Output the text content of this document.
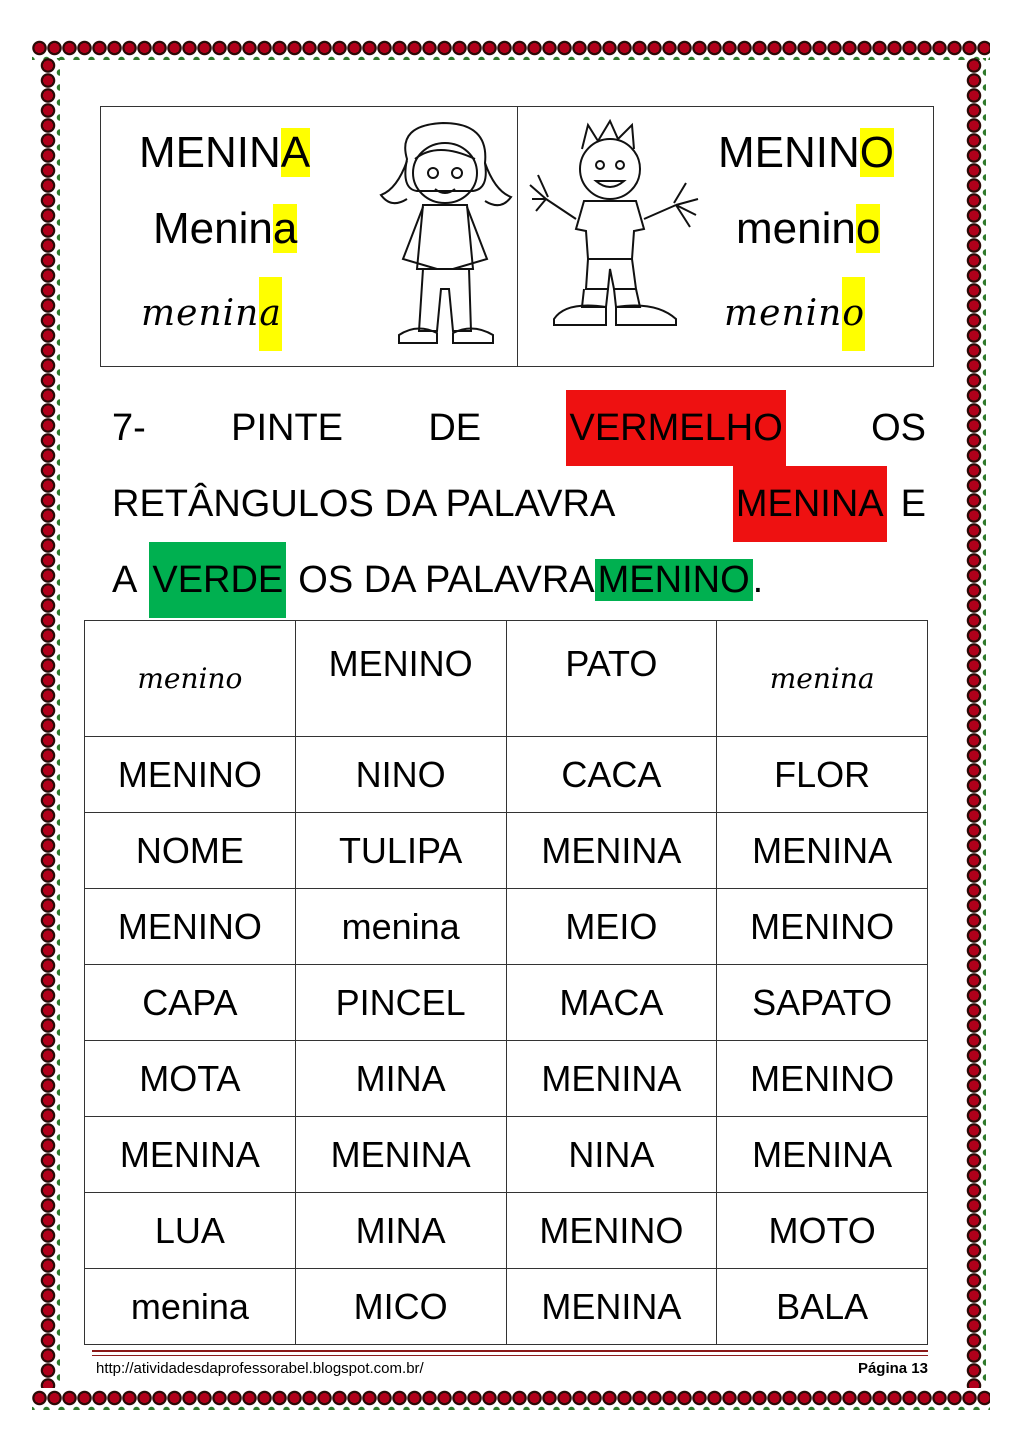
MENINA
Menina
menina
MENINO
menino
menino
7- PINTE DE VERMELHO OS
RETÂNGULOS DA PALAVRA	MENINA E
A VERDE OS DA PALAVRA MENINO.
menino	MENINO	PATO	menina
MENINO	NINO	CACA	FLOR
NOME	TULIPA	MENINA	MENINA
MENINO	menina	MEIO	MENINO
CAPA	PINCEL	MACA	SAPATO
MOTA	MINA	MENINA	MENINO
MENINA	MENINA	NINA	MENINA
LUA	MINA	MENINO	MOTO
menina	MICO	MENINA	BALA
http://atividadesdaprofessorabel.blogspot.com.br/	Página 13
